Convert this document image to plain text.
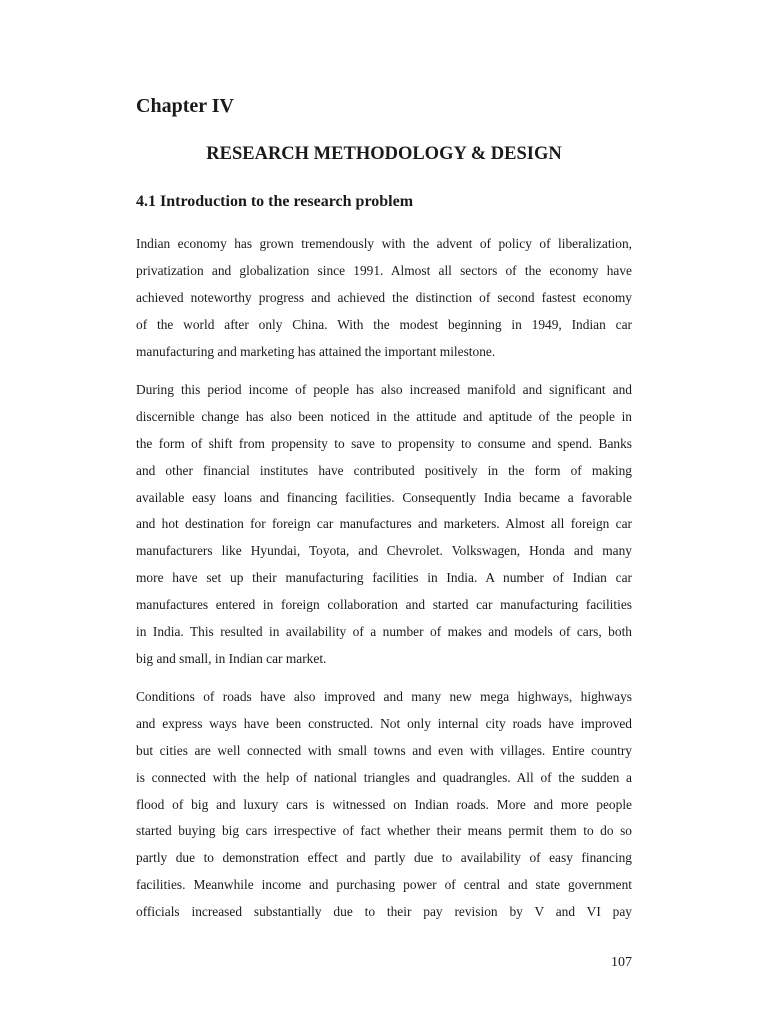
Chapter IV
RESEARCH METHODOLOGY & DESIGN
4.1 Introduction to the research problem
Indian economy has grown tremendously with the advent of policy of liberalization,
privatization and globalization since 1991. Almost all sectors of the economy have
achieved noteworthy progress and achieved the distinction of second fastest economy
of the world after only China. With the modest beginning in 1949, Indian car
manufacturing and marketing has attained the important milestone.
During this period income of people has also increased manifold and significant and
discernible change has also been noticed in the attitude and aptitude of the people in
the form of shift from propensity to save to propensity to consume and spend. Banks
and other financial institutes have contributed positively in the form of making
available easy loans and financing facilities. Consequently India became a favorable
and hot destination for foreign car manufactures and marketers. Almost all foreign car
manufacturers like Hyundai, Toyota, and Chevrolet. Volkswagen, Honda and many
more have set up their manufacturing facilities in India. A number of Indian car
manufactures entered in foreign collaboration and started car manufacturing facilities
in India. This resulted in availability of a number of makes and models of cars, both
big and small, in Indian car market.
Conditions of roads have also improved and many new mega highways, highways
and express ways have been constructed. Not only internal city roads have improved
but cities are well connected with small towns and even with villages. Entire country
is connected with the help of national triangles and quadrangles. All of the sudden a
flood of big and luxury cars is witnessed on Indian roads. More and more people
started buying big cars irrespective of fact whether their means permit them to do so
partly due to demonstration effect and partly due to availability of easy financing
facilities. Meanwhile income and purchasing power of central and state government
officials increased substantially due to their pay revision by V and VI pay
107
